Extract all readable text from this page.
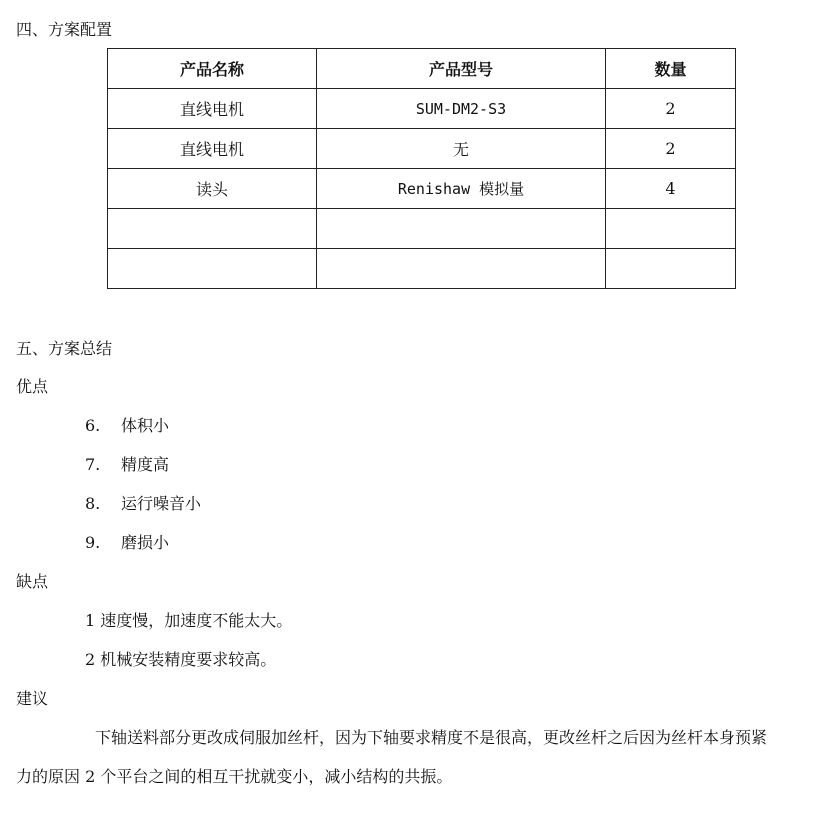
四、方案配置
产品名称	产品型号	数量
直线电机	SUM-DM2-S3	2
直线电机	无	2
读头	Renishaw 模拟量	4

五、方案总结
优点
6. 体积小
7. 精度高
8. 运行噪音小
9. 磨损小
缺点
1 速度慢，加速度不能太大。
2 机械安装精度要求较高。
建议
下轴送料部分更改成伺服加丝杆，因为下轴要求精度不是很高，更改丝杆之后因为丝杆本身预紧
力的原因 2 个平台之间的相互干扰就变小，减小结构的共振。
